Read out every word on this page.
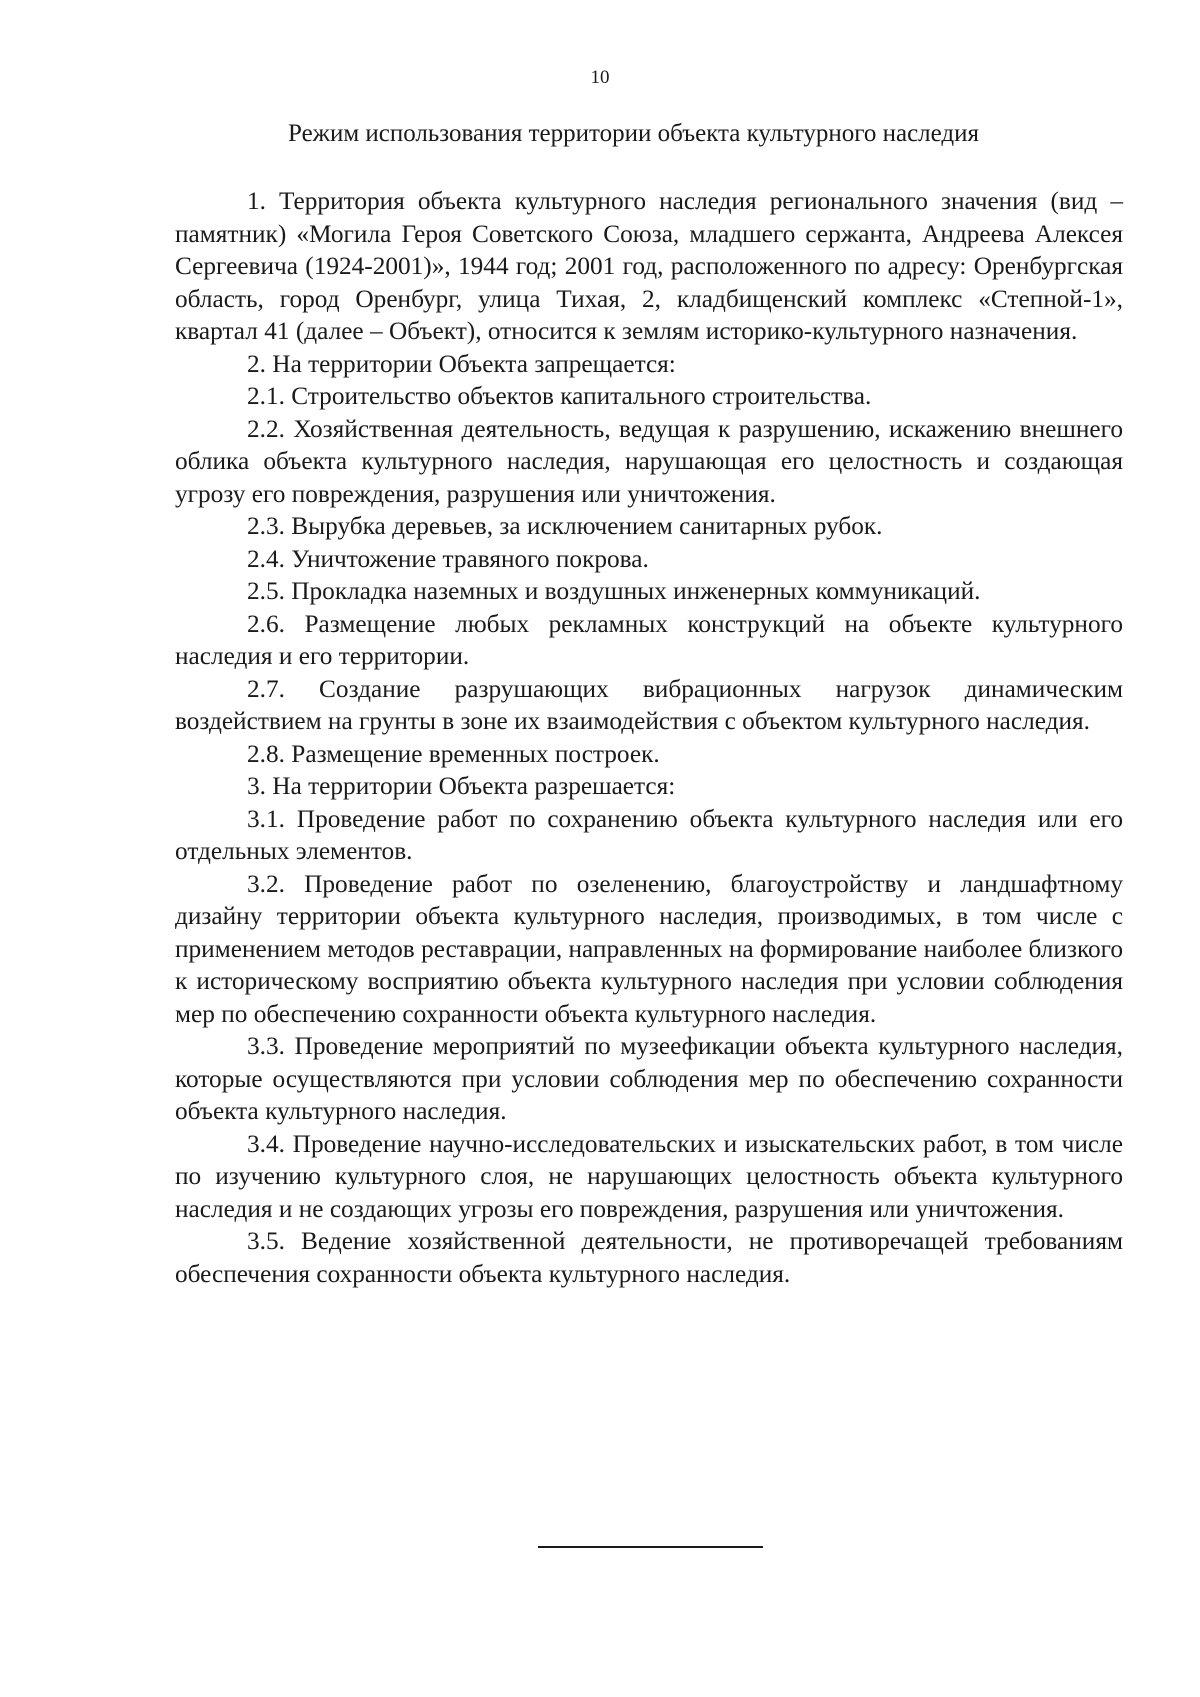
10
Режим использования территории объекта культурного наследия

1. Территория объекта культурного наследия регионального значения (вид – памятник) «Могила Героя Советского Союза, младшего сержанта, Андреева Алексея Сергеевича (1924-2001)», 1944 год; 2001 год, расположенного по адресу: Оренбургская область, город Оренбург, улица Тихая, 2, кладбищенский комплекс «Степной-1», квартал 41 (далее – Объект), относится к землям историко-культурного назначения.

2. На территории Объекта запрещается:

2.1. Строительство объектов капитального строительства.

2.2. Хозяйственная деятельность, ведущая к разрушению, искажению внешнего облика объекта культурного наследия, нарушающая его целостность и создающая угрозу его повреждения, разрушения или уничтожения.

2.3. Вырубка деревьев, за исключением санитарных рубок.

2.4. Уничтожение травяного покрова.

2.5. Прокладка наземных и воздушных инженерных коммуникаций.

2.6. Размещение любых рекламных конструкций на объекте культурного наследия и его территории.

2.7. Создание разрушающих вибрационных нагрузок динамическим воздействием на грунты в зоне их взаимодействия с объектом культурного наследия.

2.8. Размещение временных построек.

3. На территории Объекта разрешается:

3.1. Проведение работ по сохранению объекта культурного наследия или его отдельных элементов.

3.2. Проведение работ по озеленению, благоустройству и ландшафтному дизайну территории объекта культурного наследия, производимых, в том числе с применением методов реставрации, направленных на формирование наиболее близкого к историческому восприятию объекта культурного наследия при условии соблюдения мер по обеспечению сохранности объекта культурного наследия.

3.3. Проведение мероприятий по музеефикации объекта культурного наследия, которые осуществляются при условии соблюдения мер по обеспечению сохранности объекта культурного наследия.

3.4. Проведение научно-исследовательских и изыскательских работ, в том числе по изучению культурного слоя, не нарушающих целостность объекта культурного наследия и не создающих угрозы его повреждения, разрушения или уничтожения.

3.5. Ведение хозяйственной деятельности, не противоречащей требованиям обеспечения сохранности объекта культурного наследия.
